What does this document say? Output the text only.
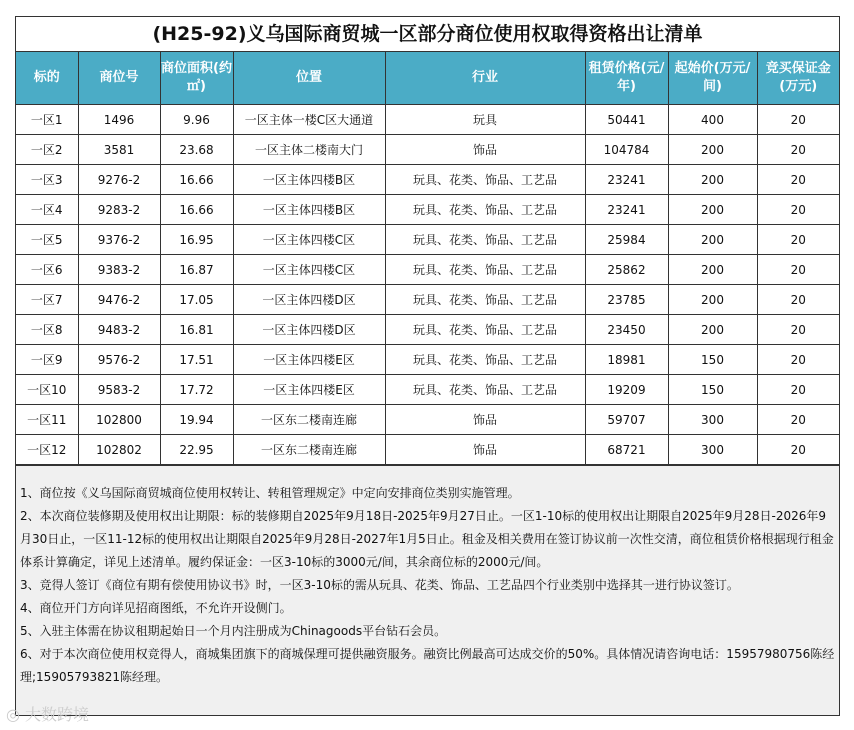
(H25-92)义乌国际商贸城一区部分商位使用权取得资格出让清单
标的	商位号	商位面积(约㎡)	位置	行业	租赁价格(元/年)	起始价(万元/间)	竞买保证金(万元)
一区1	1496	9.96	一区主体一楼C区大通道	玩具	50441	400	20
一区2	3581	23.68	一区主体二楼南大门	饰品	104784	200	20
一区3	9276-2	16.66	一区主体四楼B区	玩具、花类、饰品、工艺品	23241	200	20
一区4	9283-2	16.66	一区主体四楼B区	玩具、花类、饰品、工艺品	23241	200	20
一区5	9376-2	16.95	一区主体四楼C区	玩具、花类、饰品、工艺品	25984	200	20
一区6	9383-2	16.87	一区主体四楼C区	玩具、花类、饰品、工艺品	25862	200	20
一区7	9476-2	17.05	一区主体四楼D区	玩具、花类、饰品、工艺品	23785	200	20
一区8	9483-2	16.81	一区主体四楼D区	玩具、花类、饰品、工艺品	23450	200	20
一区9	9576-2	17.51	一区主体四楼E区	玩具、花类、饰品、工艺品	18981	150	20
一区10	9583-2	17.72	一区主体四楼E区	玩具、花类、饰品、工艺品	19209	150	20
一区11	102800	19.94	一区东二楼南连廊	饰品	59707	300	20
一区12	102802	22.95	一区东二楼南连廊	饰品	68721	300	20
1、商位按《义乌国际商贸城商位使用权转让、转租管理规定》中定向安排商位类别实施管理。
2、本次商位装修期及使用权出让期限：标的装修期自2025年9月18日-2025年9月27日止。一区1-10标的使用权出让期限自2025年9月28日-2026年9月30日止，一区11-12标的使用权出让期限自2025年9月28日-2027年1月5日止。租金及相关费用在签订协议前一次性交清，商位租赁价格根据现行租金体系计算确定，详见上述清单。履约保证金：一区3-10标的3000元/间，其余商位标的2000元/间。
3、竞得人签订《商位有期有偿使用协议书》时，一区3-10标的需从玩具、花类、饰品、工艺品四个行业类别中选择其一进行协议签订。
4、商位开门方向详见招商图纸，不允许开设侧门。
5、入驻主体需在协议租期起始日一个月内注册成为Chinagoods平台钻石会员。
6、对于本次商位使用权竞得人，商城集团旗下的商城保理可提供融资服务。融资比例最高可达成交价的50%。具体情况请咨询电话：15957980756陈经理;15905793821陈经理。
◎ 大数跨境
